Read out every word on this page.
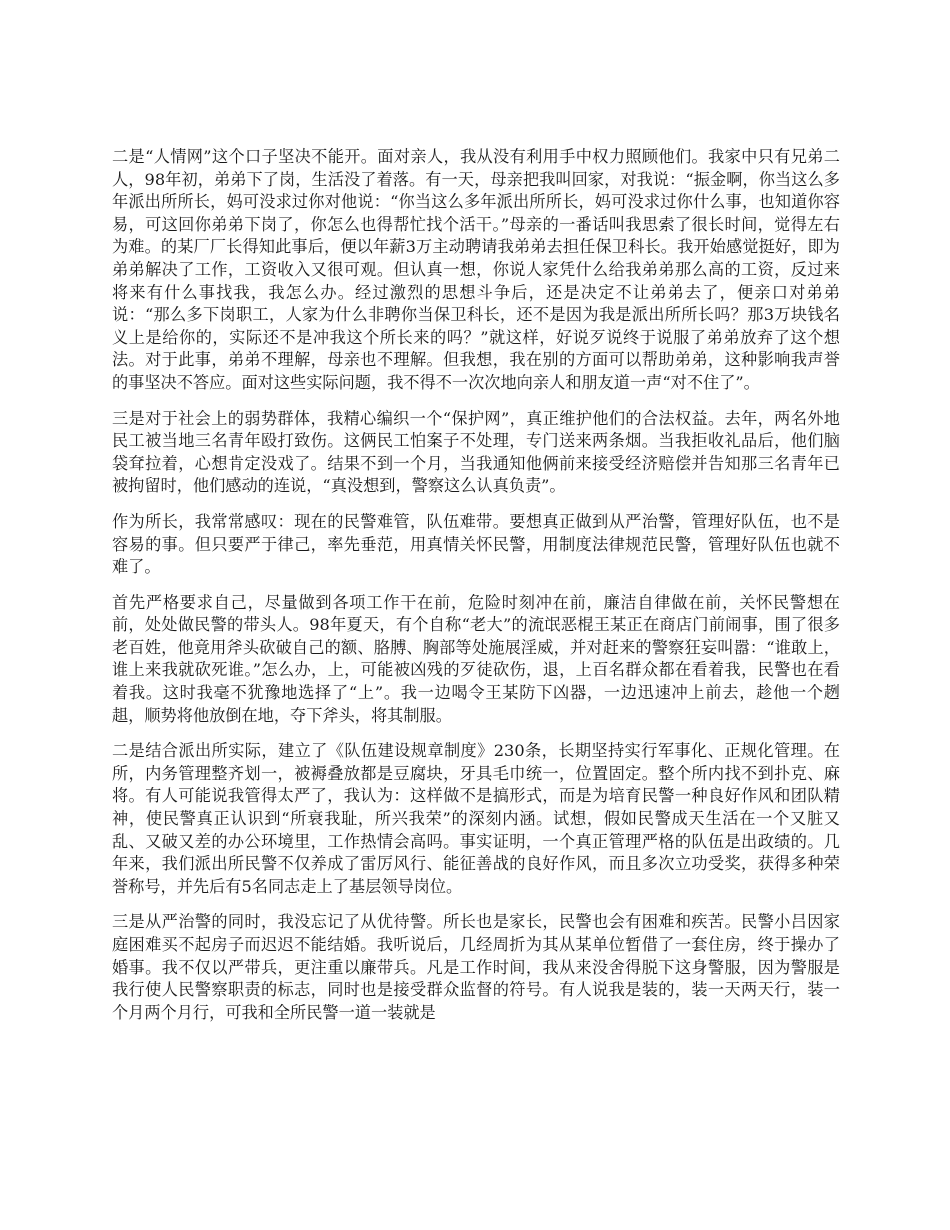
二是“人情网”这个口子坚决不能开。面对亲人，我从没有利用手中权力照顾他们。我家中只有兄弟二人，98年初，弟弟下了岗，生活没了着落。有一天，母亲把我叫回家，对我说：“振金啊，你当这么多年派出所所长，妈可没求过你对他说：“你当这么多年派出所所长，妈可没求过你什么事，也知道你容易，可这回你弟弟下岗了，你怎么也得帮忙找个活干。”母亲的一番话叫我思索了很长时间，觉得左右为难。的某厂厂长得知此事后，便以年薪3万主动聘请我弟弟去担任保卫科长。我开始感觉挺好，即为弟弟解决了工作，工资收入又很可观。但认真一想，你说人家凭什么给我弟弟那么高的工资，反过来将来有什么事找我，我怎么办。经过激烈的思想斗争后，还是决定不让弟弟去了，便亲口对弟弟说：“那么多下岗职工，人家为什么非聘你当保卫科长，还不是因为我是派出所所长吗？那3万块钱名义上是给你的，实际还不是冲我这个所长来的吗？”就这样，好说歹说终于说服了弟弟放弃了这个想法。对于此事，弟弟不理解，母亲也不理解。但我想，我在别的方面可以帮助弟弟，这种影响我声誉的事坚决不答应。面对这些实际问题，我不得不一次次地向亲人和朋友道一声“对不住了”。

三是对于社会上的弱势群体，我精心编织一个“保护网”，真正维护他们的合法权益。去年，两名外地民工被当地三名青年殴打致伤。这俩民工怕案子不处理，专门送来两条烟。当我拒收礼品后，他们脑袋耷拉着，心想肯定没戏了。结果不到一个月，当我通知他俩前来接受经济赔偿并告知那三名青年已被拘留时，他们感动的连说，“真没想到，警察这么认真负责”。

作为所长，我常常感叹：现在的民警难管，队伍难带。要想真正做到从严治警，管理好队伍，也不是容易的事。但只要严于律己，率先垂范，用真情关怀民警，用制度法律规范民警，管理好队伍也就不难了。

首先严格要求自己，尽量做到各项工作干在前，危险时刻冲在前，廉洁自律做在前，关怀民警想在前，处处做民警的带头人。98年夏天，有个自称“老大”的流氓恶棍王某正在商店门前闹事，围了很多老百姓，他竟用斧头砍破自己的额、胳膊、胸部等处施展淫威，并对赶来的警察狂妄叫嚣：“谁敢上，谁上来我就砍死谁。”怎么办，上，可能被凶残的歹徒砍伤，退，上百名群众都在看着我，民警也在看着我。这时我毫不犹豫地选择了“上”。我一边喝令王某防下凶器，一边迅速冲上前去，趁他一个趔趄，顺势将他放倒在地，夺下斧头，将其制服。

二是结合派出所实际，建立了《队伍建设规章制度》230条，长期坚持实行军事化、正规化管理。在所，内务管理整齐划一，被褥叠放都是豆腐块，牙具毛巾统一，位置固定。整个所内找不到扑克、麻将。有人可能说我管得太严了，我认为：这样做不是搞形式，而是为培育民警一种良好作风和团队精神，使民警真正认识到“所衰我耻，所兴我荣”的深刻内涵。试想，假如民警成天生活在一个又脏又乱、又破又差的办公环境里，工作热情会高吗。事实证明，一个真正管理严格的队伍是出政绩的。几年来，我们派出所民警不仅养成了雷厉风行、能征善战的良好作风，而且多次立功受奖，获得多种荣誉称号，并先后有5名同志走上了基层领导岗位。

三是从严治警的同时，我没忘记了从优待警。所长也是家长，民警也会有困难和疾苦。民警小吕因家庭困难买不起房子而迟迟不能结婚。我听说后，几经周折为其从某单位暂借了一套住房，终于操办了婚事。我不仅以严带兵，更注重以廉带兵。凡是工作时间，我从来没舍得脱下这身警服，因为警服是我行使人民警察职责的标志，同时也是接受群众监督的符号。有人说我是装的，装一天两天行，装一个月两个月行，可我和全所民警一道一装就是
